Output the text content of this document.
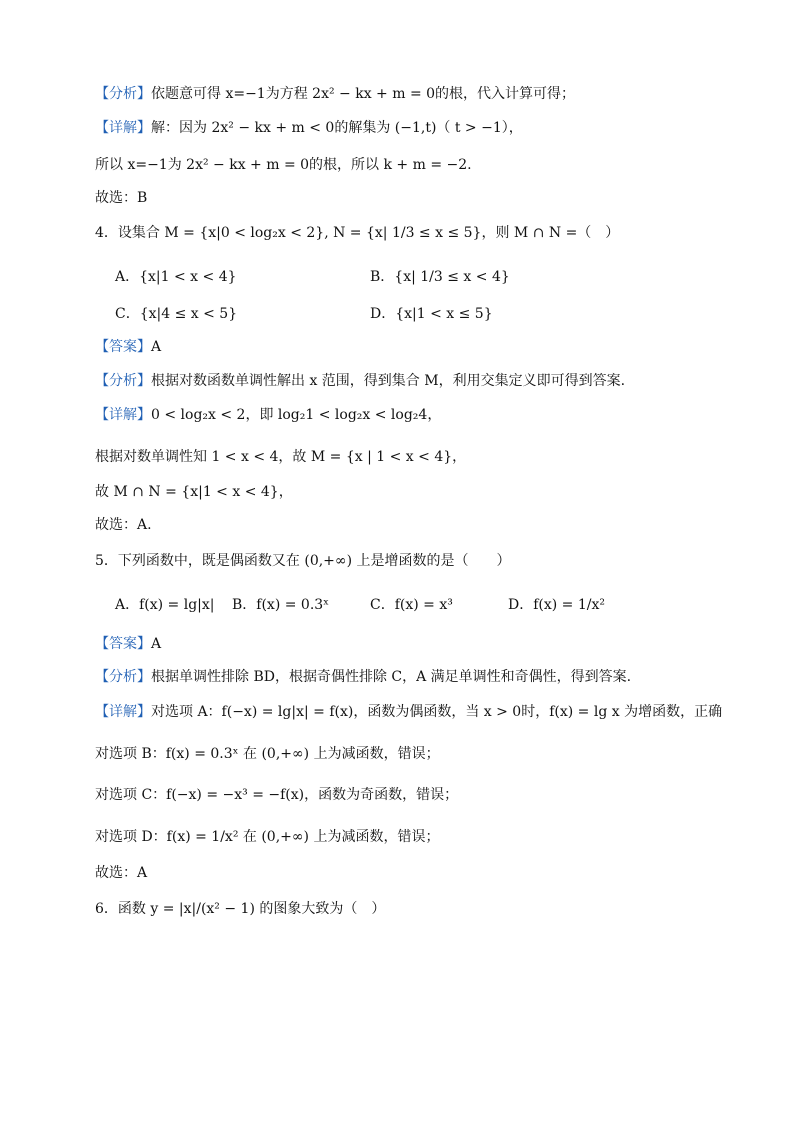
【分析】依题意可得 x=−1为方程 2x² − kx + m = 0的根，代入计算可得；
【详解】解：因为 2x² − kx + m < 0的解集为 (−1,t)（ t > −1），
所以 x=−1为 2x² − kx + m = 0的根，所以 k + m = −2.
故选：B
4．设集合 M = {x|0 < log₂x < 2}, N = {x| 1/3 ≤ x ≤ 5}，则 M ∩ N =（　）
A．{x|1 < x < 4}	B．{x| 1/3 ≤ x < 4}
C．{x|4 ≤ x < 5}	D．{x|1 < x ≤ 5}
【答案】A
【分析】根据对数函数单调性解出 x 范围，得到集合 M，利用交集定义即可得到答案.
【详解】0 < log₂x < 2，即 log₂1 < log₂x < log₂4，
根据对数单调性知 1 < x < 4，故 M = {x | 1 < x < 4}，
故 M ∩ N = {x|1 < x < 4}，
故选：A.
5．下列函数中，既是偶函数又在 (0,+∞) 上是增函数的是（　　）
A．f(x) = lg|x| B．f(x) = 0.3ˣ	C．f(x) = x³	D．f(x) = 1/x²
【答案】A
【分析】根据单调性排除 BD，根据奇偶性排除 C，A 满足单调性和奇偶性，得到答案.
【详解】对选项 A：f(−x) = lg|x| = f(x)，函数为偶函数，当 x > 0时，f(x) = lg x 为增函数，正确
对选项 B：f(x) = 0.3ˣ 在 (0,+∞) 上为减函数，错误；
对选项 C：f(−x) = −x³ = −f(x)，函数为奇函数，错误；
对选项 D：f(x) = 1/x² 在 (0,+∞) 上为减函数，错误；
故选：A
6．函数 y = |x|/(x² − 1) 的图象大致为（　）
